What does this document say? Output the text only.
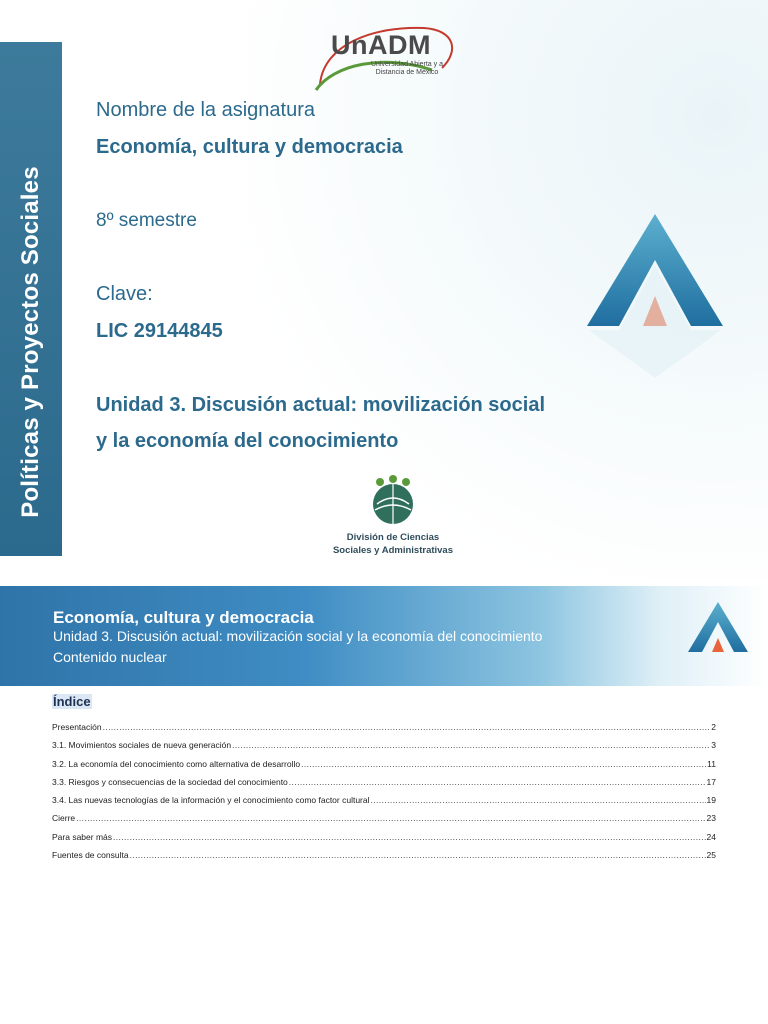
Políticas y Proyectos Sociales
UnADM
Universidad Abierta y a Distancia de México
Nombre de la asignatura
Economía, cultura y democracia
8º semestre
Clave:
LIC 29144845
Unidad 3. Discusión actual: movilización social
y la economía del conocimiento
División de Ciencias
Sociales y Administrativas
Economía, cultura y democracia
Unidad 3. Discusión actual: movilización social y la economía del conocimiento
Contenido nuclear
Índice
Presentación .....	2
3.1. Movimientos sociales de nueva generación .....	3
3.2. La economía del conocimiento como alternativa de desarrollo .....	11
3.3. Riesgos y consecuencias de la sociedad del conocimiento .....	17
3.4. Las nuevas tecnologías de la información y el conocimiento como factor cultural .....	19
Cierre .....	23
Para saber más .....	24
Fuentes de consulta .....	25
